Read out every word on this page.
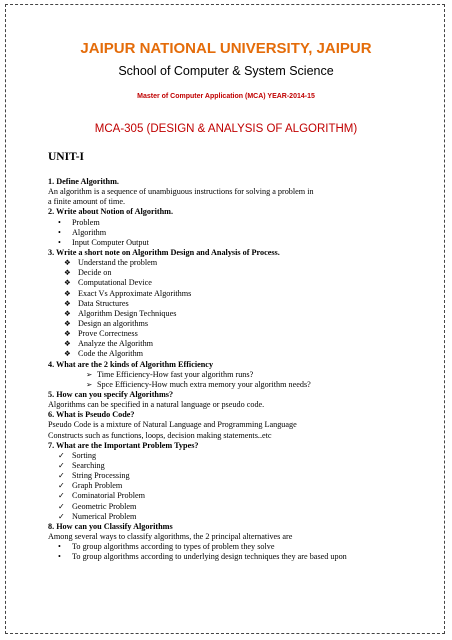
JAIPUR NATIONAL UNIVERSITY, JAIPUR
School of Computer & System Science
Master of Computer Application (MCA) YEAR-2014-15
MCA-305 (DESIGN & ANALYSIS OF ALGORITHM)
UNIT-I
1. Define Algorithm.
An algorithm is a sequence of unambiguous instructions for solving a problem in
a finite amount of time.
2. Write about Notion of Algorithm.
• Problem
• Algorithm
• Input Computer Output
3. Write a short note on Algorithm Design and Analysis of Process.
❖ Understand the problem
❖ Decide on
❖ Computational Device
❖ Exact Vs Approximate Algorithms
❖ Data Structures
❖ Algorithm Design Techniques
❖ Design an algorithms
❖ Prove Correctness
❖ Analyze the Algorithm
❖ Code the Algorithm
4. What are the 2 kinds of Algorithm Efficiency
➢ Time Efficiency-How fast your algorithm runs?
➢ Spce Efficiency-How much extra memory your algorithm needs?
5. How can you specify Algorithms?
Algorithms can be specified in a natural language or pseudo code.
6. What is Pseudo Code?
Pseudo Code is a mixture of Natural Language and Programming Language
Constructs such as functions, loops, decision making statements..etc
7. What are the Important Problem Types?
✓ Sorting
✓ Searching
✓ String Processing
✓ Graph Problem
✓ Cominatorial Problem
✓ Geometric Problem
✓ Numerical Problem
8. How can you Classify Algorithms
Among several ways to classify algorithms, the 2 principal alternatives are
• To group algorithms according to types of problem they solve
• To group algorithms according to underlying design techniques they are based upon
